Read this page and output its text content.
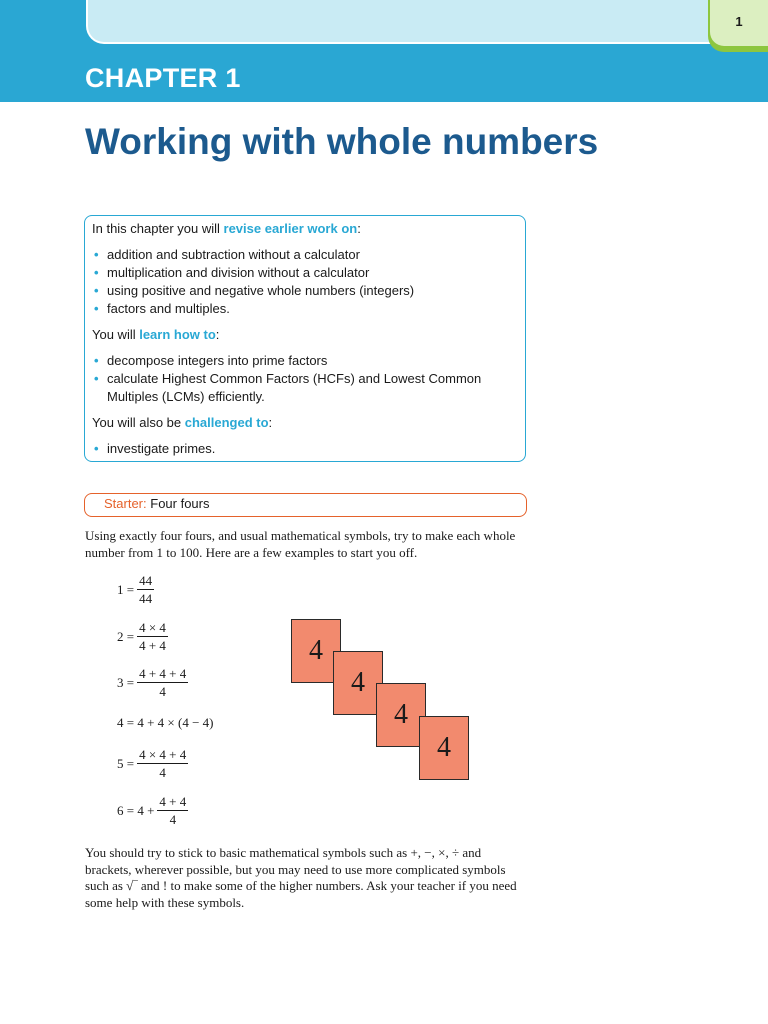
CHAPTER 1
1
Working with whole numbers

In this chapter you will revise earlier work on:

• addition and subtraction without a calculator
• multiplication and division without a calculator
• using positive and negative whole numbers (integers)
• factors and multiples.

You will learn how to:

• decompose integers into prime factors
• calculate Highest Common Factors (HCFs) and Lowest Common Multiples (LCMs) efficiently.

You will also be challenged to:

• investigate primes.
Starter: Four fours

Using exactly four fours, and usual mathematical symbols, try to make each whole number from 1 to 100. Here are a few examples to start you off.

$1 = \frac{44}{44}$
$2 = \frac{4 \times 4}{4 + 4}$
$3 = \frac{4 + 4 + 4}{4}$
4 = 4 + 4 × (4 − 4)
$5 = \frac{4 \times 4 + 4}{4}$
$6 = 4 + \frac{4 + 4}{4}$
4
4
4
4

You should try to stick to basic mathematical symbols such as +, −, ×, ÷ and brackets, wherever possible, but you may need to use more complicated symbols such as √‾ and ! to make some of the higher numbers. Ask your teacher if you need some help with these symbols.
